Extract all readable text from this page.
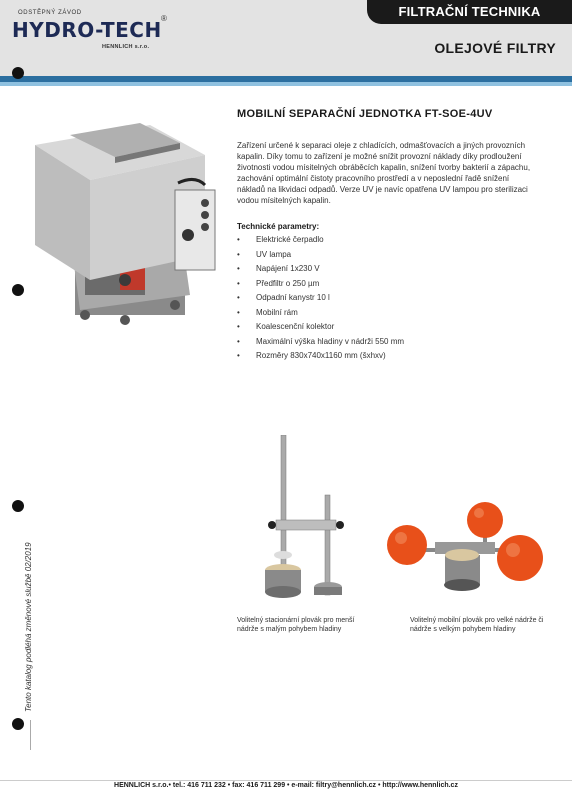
ODSTĚPNÝ ZÁVOD
HYDRO-TECH ®
HENNLICH s.r.o.	OLEJOVÉ FILTRY
FILTRAČNÍ TECHNIKA
Tento katalog podléhá změnové službě 02/2019
MOBILNÍ SEPARAČNÍ JEDNOTKA FT-SOE-4UV
Zařízení určené k separaci oleje z chladících, odmašťovacích a jiných provozních kapalin. Díky tomu to zařízení je možné snížit provozní náklady díky prodloužení životnosti vodou mísitelných obráběcích kapalin, snížení tvorby bakterií a zápachu, zachování optimální čistoty pracovního prostředí a v neposlední řadě snížení nákladů na likvidaci odpadů. Verze UV je navíc opatřena UV lampou pro sterilizaci vodou mísitelných kapalin.
Technické parametry:
• Elektrické čerpadlo
• UV lampa
• Napájení 1x230 V
• Předfiltr o 250 µm
• Odpadní kanystr 10 l
• Mobilní rám
• Koalescenční kolektor
• Maximální výška hladiny v nádrži 550 mm
• Rozměry 830x740x1160 mm (šxhxv)
Volitelný stacionární plovák pro menší nádrže s malým pohybem hladiny
Volitelný mobilní plovák pro velké nádrže či nádrže s velkým pohybem hladiny
HENNLICH s.r.o.• tel.: 416 711 232 • fax: 416 711 299 • e-mail: filtry@hennlich.cz • http://www.hennlich.cz
